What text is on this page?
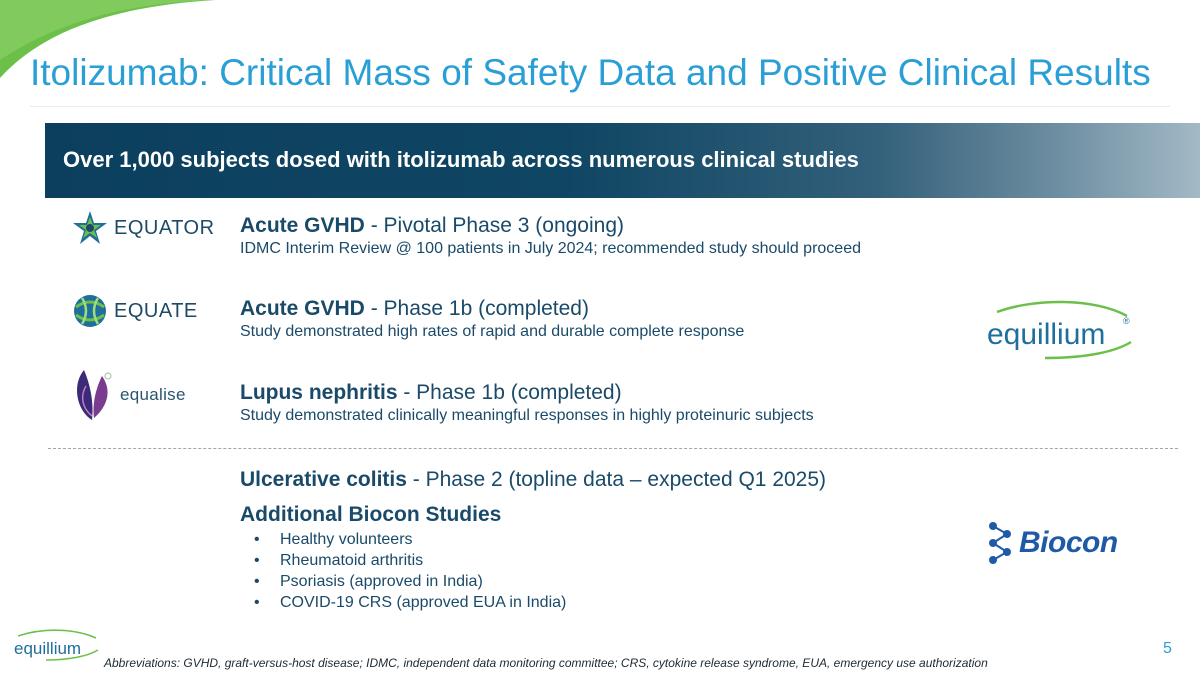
Itolizumab: Critical Mass of Safety Data and Positive Clinical Results
Over 1,000 subjects dosed with itolizumab across numerous clinical studies
EQUATOR Acute GVHD - Pivotal Phase 3 (ongoing)
IDMC Interim Review @ 100 patients in July 2024; recommended study should proceed
EQUATE Acute GVHD - Phase 1b (completed)
Study demonstrated high rates of rapid and durable complete response
equalise	Lupus nephritis - Phase 1b (completed)
Study demonstrated clinically meaningful responses in highly proteinuric subjects
equillium ®
Ulcerative colitis - Phase 2 (topline data – expected Q1 2025)
Additional Biocon Studies
• Healthy volunteers
• Rheumatoid arthritis
• Psoriasis (approved in India)
• COVID-19 CRS (approved EUA in India)
Biocon
equillium	5
Abbreviations: GVHD, graft-versus-host disease; IDMC, independent data monitoring committee; CRS, cytokine release syndrome, EUA, emergency use authorization
